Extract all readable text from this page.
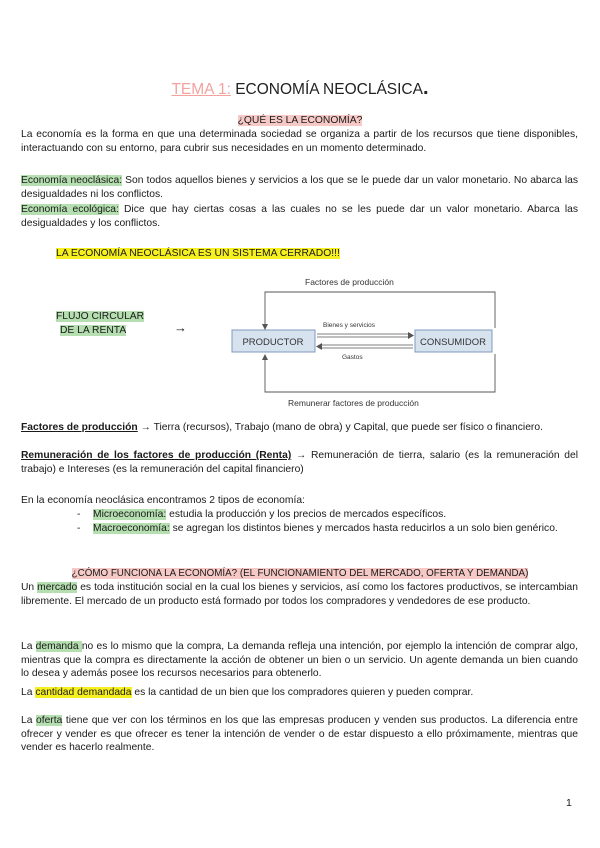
TEMA 1: ECONOMÍA NEOCLÁSICA.
¿QUÉ ES LA ECONOMÍA?
La economía es la forma en que una determinada sociedad se organiza a partir de los recursos que tiene disponibles, interactuando con su entorno, para cubrir sus necesidades en un momento determinado.
Economía neoclásica: Son todos aquellos bienes y servicios a los que se le puede dar un valor monetario. No abarca las desigualdades ni los conflictos.
Economía ecológica: Dice que hay ciertas cosas a las cuales no se les puede dar un valor monetario. Abarca las desigualdades y los conflictos.
LA ECONOMÍA NEOCLÁSICA ES UN SISTEMA CERRADO!!!
FLUJO CIRCULAR
DE LA RENTA	→
Factores de producción
PRODUCTOR	CONSUMIDOR
Bienes y servicios
Gastos
Remunerar factores de producción
Factores de producción → Tierra (recursos), Trabajo (mano de obra) y Capital, que puede ser físico o financiero.
Remuneración de los factores de producción (Renta) → Remuneración de tierra, salario (es la remuneración del trabajo) e Intereses (es la remuneración del capital financiero)
En la economía neoclásica encontramos 2 tipos de economía:
- Microeconomía: estudia la producción y los precios de mercados específicos.
- Macroeconomía: se agregan los distintos bienes y mercados hasta reducirlos a un solo bien genérico.
¿CÓMO FUNCIONA LA ECONOMÍA? (EL FUNCIONAMIENTO DEL MERCADO, OFERTA Y DEMANDA)
Un mercado es toda institución social en la cual los bienes y servicios, así como los factores productivos, se intercambian libremente. El mercado de un producto está formado por todos los compradores y vendedores de ese producto.
La demanda no es lo mismo que la compra, La demanda refleja una intención, por ejemplo la intención de comprar algo, mientras que la compra es directamente la acción de obtener un bien o un servicio. Un agente demanda un bien cuando lo desea y además posee los recursos necesarios para obtenerlo.
La cantidad demandada es la cantidad de un bien que los compradores quieren y pueden comprar.
La oferta tiene que ver con los términos en los que las empresas producen y venden sus productos. La diferencia entre ofrecer y vender es que ofrecer es tener la intención de vender o de estar dispuesto a ello próximamente, mientras que vender es hacerlo realmente.
1
